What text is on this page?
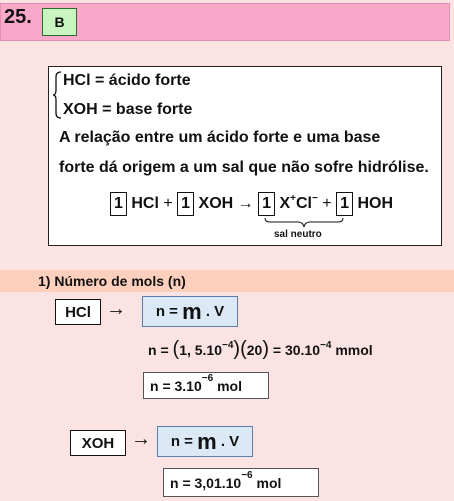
25.	B
HCl = ácido forte
XOH = base forte
A relação entre um ácido forte e uma base
forte dá origem a um sal que não sofre hidrólise.
1 HCl + 1 XOH → 1 X+Cl− + 1 HOH
sal neutro
1) Número de mols (n)
HCl → n =
m
. V
n = (1, $5.10^{-4})(20) = 30.10^{-4}$ mmol
n = 3.10 −6
mol
XOH → n =
m
. V
n = 3,01.10 −6
mol
